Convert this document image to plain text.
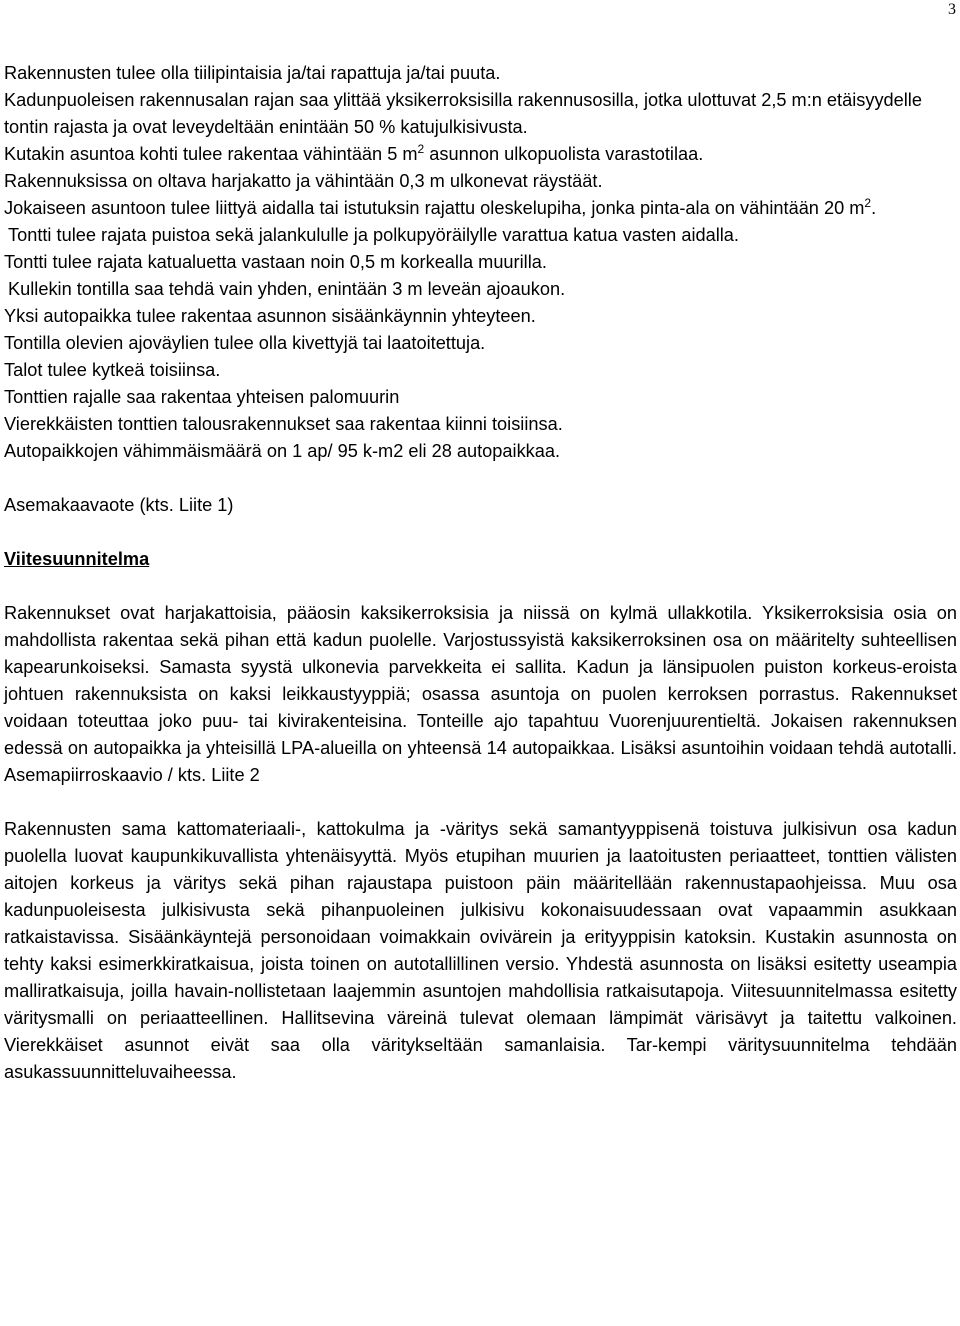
3
Rakennusten tulee olla tiilipintaisia ja/tai rapattuja ja/tai puuta.
Kadunpuoleisen rakennusalan rajan saa ylittää yksikerroksisilla rakennusosilla, jotka ulottuvat 2,5 m:n etäisyydelle tontin rajasta ja ovat leveydeltään enintään 50 % katujulkisivusta.
Kutakin asuntoa kohti tulee rakentaa vähintään 5 $m^2$ asunnon ulkopuolista varastotilaa.
Rakennuksissa on oltava harjakatto ja vähintään 0,3 m ulkonevat räystäät.
Jokaiseen asuntoon tulee liittyä aidalla tai istutuksin rajattu oleskelupiha, jonka pinta-ala on vähintään 20 $m^2$.
Tontti tulee rajata puistoa sekä jalankululle ja polkupyöräilylle varattua katua vasten aidalla.
Tontti tulee rajata katualuetta vastaan noin 0,5 m korkealla muurilla.
Kullekin tontilla saa tehdä vain yhden, enintään 3 m leveän ajoaukon.
Yksi autopaikka tulee rakentaa asunnon sisäänkäynnin yhteyteen.
Tontilla olevien ajoväylien tulee olla kivettyjä tai laatoitettuja.
Talot tulee kytkeä toisiinsa.
Tonttien rajalle saa rakentaa yhteisen palomuurin
Vierekkäisten tonttien talousrakennukset saa rakentaa kiinni toisiinsa.
Autopaikkojen vähimmäismäärä on 1 ap/ 95 k-m2 eli 28 autopaikkaa.
Asemakaavaote (kts. Liite 1)
Viitesuunnitelma
Rakennukset ovat harjakattoisia, pääosin kaksikerroksisia ja niissä on kylmä ullakkotila. Yksikerroksisia osia on mahdollista rakentaa sekä pihan että kadun puolelle. Varjostussyistä kaksikerroksinen osa on määritelty suhteellisen kapearunkoiseksi. Samasta syystä ulkonevia parvekkeita ei sallita. Kadun ja länsipuolen puiston korkeus-eroista johtuen rakennuksista on kaksi leikkaustyyppiä; osassa asuntoja on puolen kerroksen porrastus. Rakennukset voidaan toteuttaa joko puu- tai kivirakenteisina. Tonteille ajo tapahtuu Vuorenjuurentieltä. Jokaisen rakennuksen edessä on autopaikka ja yhteisillä LPA-alueilla on yhteensä 14 autopaikkaa. Lisäksi asuntoihin voidaan tehdä autotalli. Asemapiirroskaavio / kts. Liite 2
Rakennusten sama kattomateriaali-, kattokulma ja -väritys sekä samantyyppisenä toistuva julkisivun osa kadun puolella luovat kaupunkikuvallista yhtenäisyyttä. Myös etupihan muurien ja laatoitusten periaatteet, tonttien välisten aitojen korkeus ja väritys sekä pihan rajaustapa puistoon päin määritellään rakennustapaohjeissa. Muu osa kadunpuoleisesta julkisivusta sekä pihanpuoleinen julkisivu kokonaisuudessaan ovat vapaammin asukkaan ratkaistavissa. Sisäänkäyntejä personoidaan voimakkain ovivärein ja erityyppisin katoksin. Kustakin asunnosta on tehty kaksi esimerkkiratkaisua, joista toinen on autotallillinen versio. Yhdestä asunnosta on lisäksi esitetty useampia malliratkaisuja, joilla havain-nollistetaan laajemmin asuntojen mahdollisia ratkaisutapoja. Viitesuunnitelmassa esitetty väritysmalli on periaatteellinen. Hallitsevina väreinä tulevat olemaan lämpimät värisävyt ja taitettu valkoinen. Vierekkäiset asunnot eivät saa olla väritykseltään samanlaisia. Tar-kempi väritysuunnitelma tehdään asukassuunnitteluvaiheessa.
